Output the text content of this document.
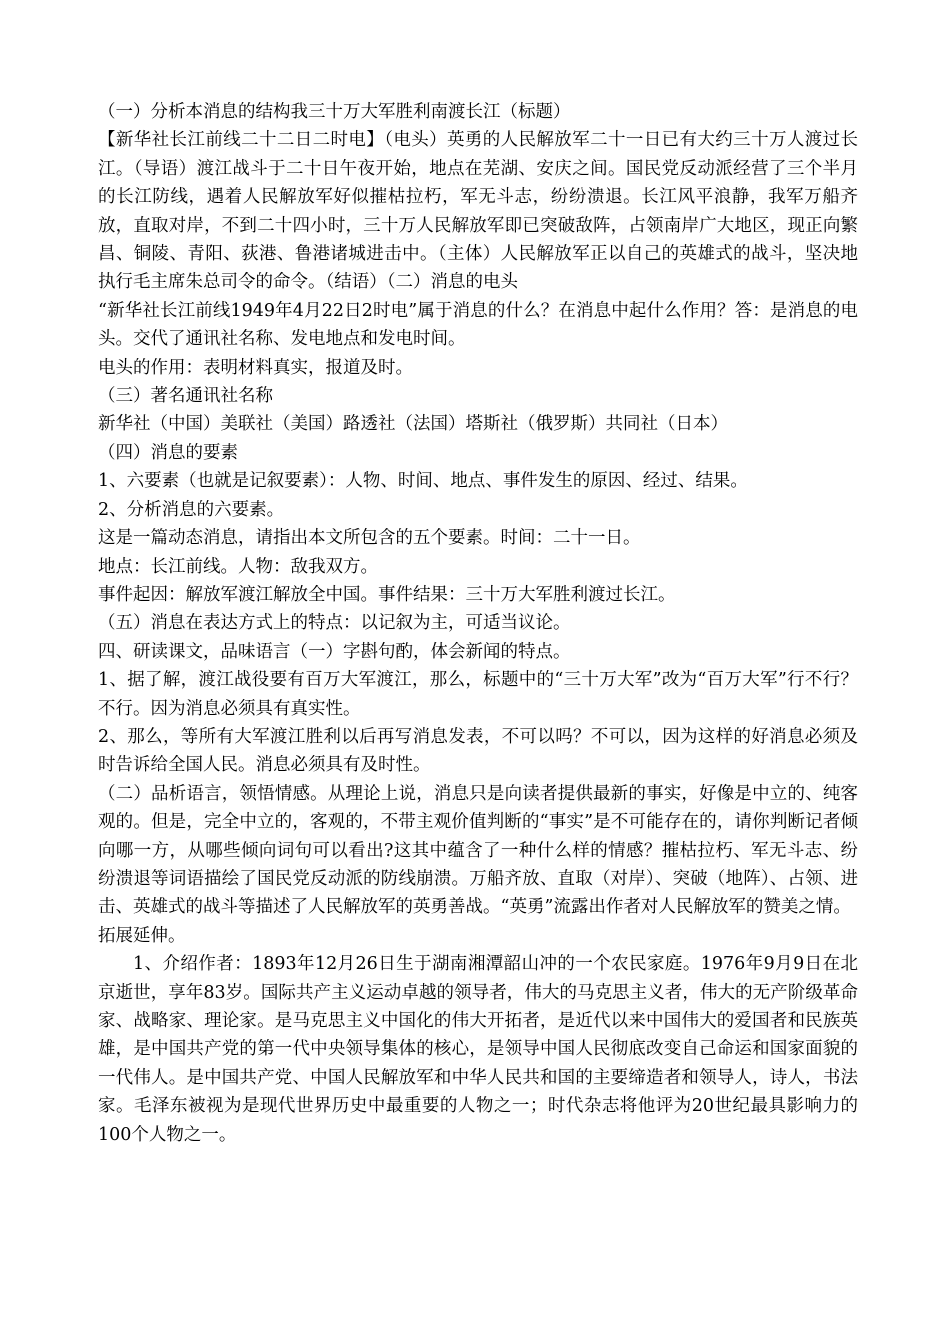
（一）分析本消息的结构我三十万大军胜利南渡长江（标题）

【新华社长江前线二十二日二时电】（电头）英勇的人民解放军二十一日已有大约三十万人渡过长江。（导语）渡江战斗于二十日午夜开始，地点在芜湖、安庆之间。国民党反动派经营了三个半月的长江防线，遇着人民解放军好似摧枯拉朽，军无斗志，纷纷溃退。长江风平浪静，我军万船齐放，直取对岸，不到二十四小时，三十万人民解放军即已突破敌阵，占领南岸广大地区，现正向繁昌、铜陵、青阳、荻港、鲁港诸城进击中。（主体）人民解放军正以自己的英雄式的战斗，坚决地执行毛主席朱总司令的命令。（结语）（二）消息的电头

“新华社长江前线1949年4月22日2时电”属于消息的什么？在消息中起什么作用？答：是消息的电头。交代了通讯社名称、发电地点和发电时间。

电头的作用：表明材料真实，报道及时。

（三）著名通讯社名称

新华社（中国）美联社（美国）路透社（法国）塔斯社（俄罗斯）共同社（日本）

（四）消息的要素

1、六要素（也就是记叙要素）：人物、时间、地点、事件发生的原因、经过、结果。

2、分析消息的六要素。

这是一篇动态消息，请指出本文所包含的五个要素。时间：二十一日。

地点：长江前线。人物：敌我双方。

事件起因：解放军渡江解放全中国。事件结果：三十万大军胜利渡过长江。

（五）消息在表达方式上的特点：以记叙为主，可适当议论。

四、研读课文，品味语言（一）字斟句酌，体会新闻的特点。

1、据了解，渡江战役要有百万大军渡江，那么，标题中的“三十万大军”改为“百万大军”行不行？不行。因为消息必须具有真实性。

2、那么，等所有大军渡江胜利以后再写消息发表，不可以吗？不可以，因为这样的好消息必须及时告诉给全国人民。消息必须具有及时性。

（二）品析语言，领悟情感。从理论上说，消息只是向读者提供最新的事实，好像是中立的、纯客观的。但是，完全中立的，客观的，不带主观价值判断的“事实”是不可能存在的，请你判断记者倾向哪一方，从哪些倾向词句可以看出?这其中蕴含了一种什么样的情感？摧枯拉朽、军无斗志、纷纷溃退等词语描绘了国民党反动派的防线崩溃。万船齐放、直取（对岸）、突破（地阵）、占领、进击、英雄式的战斗等描述了人民解放军的英勇善战。“英勇”流露出作者对人民解放军的赞美之情。

拓展延伸。

1、介绍作者：1893年12月26日生于湖南湘潭韶山冲的一个农民家庭。1976年9月9日在北京逝世，享年83岁。国际共产主义运动卓越的领导者，伟大的马克思主义者，伟大的无产阶级革命家、战略家、理论家。是马克思主义中国化的伟大开拓者，是近代以来中国伟大的爱国者和民族英雄，是中国共产党的第一代中央领导集体的核心，是领导中国人民彻底改变自己命运和国家面貌的一代伟人。是中国共产党、中国人民解放军和中华人民共和国的主要缔造者和领导人，诗人，书法家。毛泽东被视为是现代世界历史中最重要的人物之一；时代杂志将他评为20世纪最具影响力的100个人物之一。
